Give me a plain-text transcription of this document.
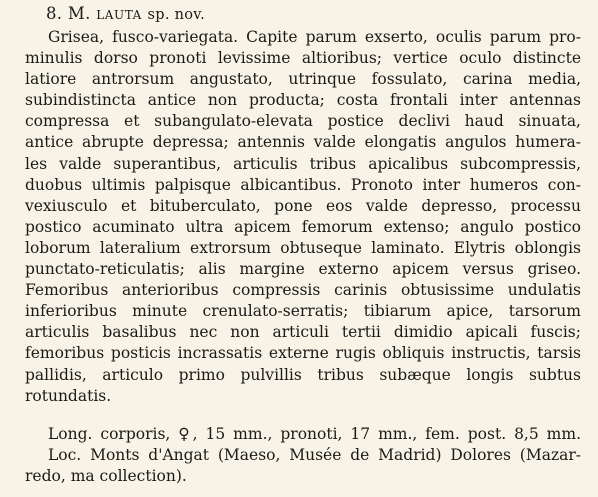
8. M. LAUTA sp. nov.
Grisea, fusco-variegata. Capite parum exserto, oculis parum pro-
minulis dorso pronoti levissime altioribus; vertice oculo distincte
latiore antrorsum angustato, utrinque fossulato, carina media,
subindistincta antice non producta; costa frontali inter antennas
compressa et subangulato-elevata postice declivi haud sinuata,
antice abrupte depressa; antennis valde elongatis angulos humera-
les valde superantibus, articulis tribus apicalibus subcompressis,
duobus ultimis palpisque albicantibus. Pronoto inter humeros con-
vexiusculo et bituberculato, pone eos valde depresso, processu
postico acuminato ultra apicem femorum extenso; angulo postico
loborum lateralium extrorsum obtuseque laminato. Elytris oblongis
punctato-reticulatis; alis margine externo apicem versus griseo.
Femoribus anterioribus compressis carinis obtusissime undulatis
inferioribus minute crenulato-serratis; tibiarum apice, tarsorum
articulis basalibus nec non articuli tertii dimidio apicali fuscis;
femoribus posticis incrassatis externe rugis obliquis instructis, tarsis
pallidis, articulo primo pulvillis tribus subæque longis subtus
rotundatis.
Long. corporis, ♀, 15 mm., pronoti, 17 mm., fem. post. 8,5 mm.
Loc. Monts d'Angat (Maeso, Musée de Madrid) Dolores (Mazar-
redo, ma collection).
